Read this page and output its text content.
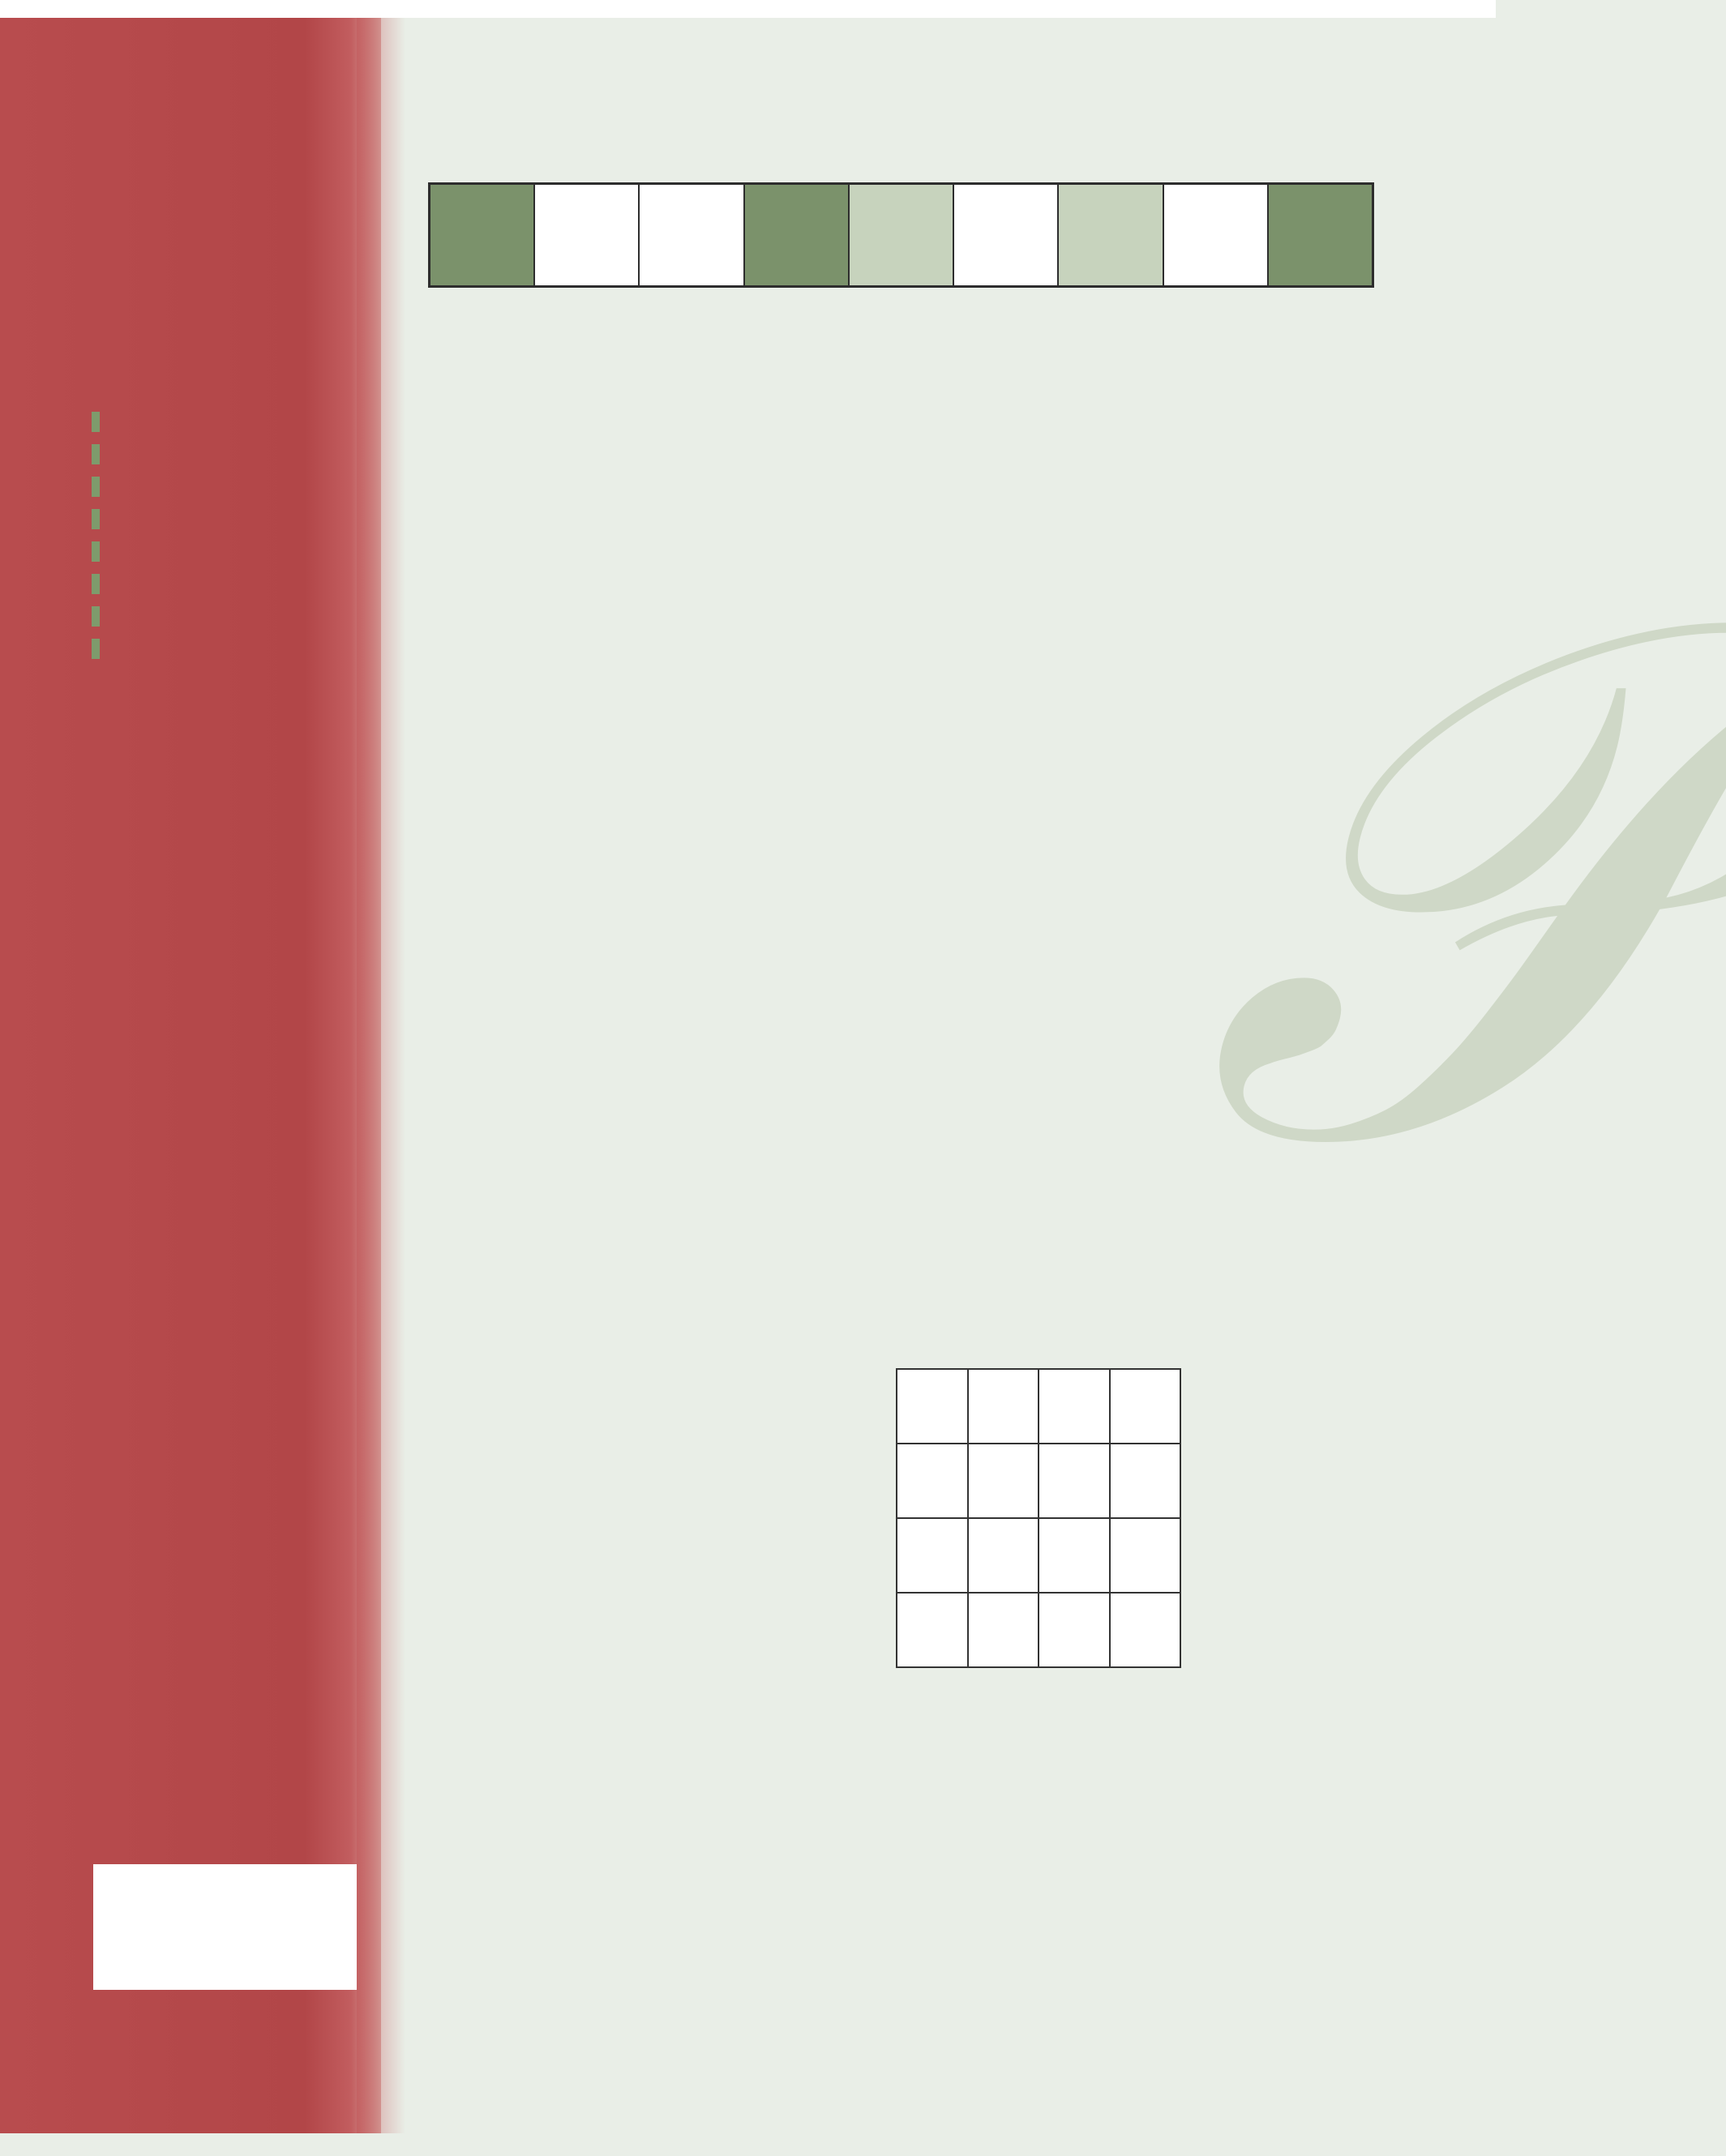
𝒫
